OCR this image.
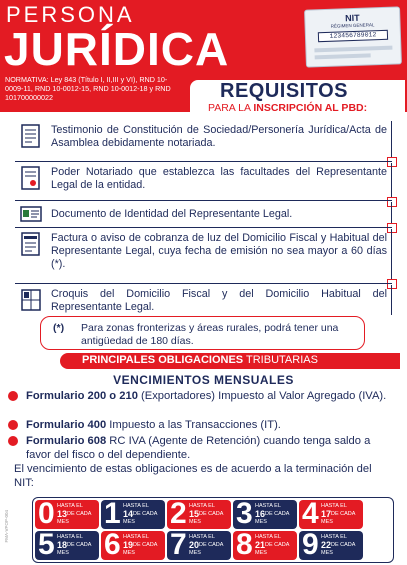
PERSONA
JURÍDICA
NORMATIVA: Ley 843 (Título I, II,III y VI), RND 10-0009-11, RND 10-0012-15, RND 10-0012-18 y RND 101700000022
NIT
RÉGIMEN GENERAL
123456789012
REQUISITOS
PARA LA INSCRIPCIÓN AL PBD:
Testimonio de Constitución de Sociedad/Personería Jurídica/Acta de Asamblea debidamente notariada.
Poder Notariado que establezca las facultades del Representante Legal de la entidad.
Documento de Identidad del Representante Legal.
Factura o aviso de cobranza de luz del Domicilio Fiscal y Habitual del Representante Legal, cuya fecha de emisión no sea mayor a 60 días (*).
Croquis del Domicilio Fiscal y del Domicilio Habitual del Representante Legal.
(*) Para zonas fronterizas y áreas rurales, podrá tener una antigüedad de 180 días.
PRINCIPALES OBLIGACIONES TRIBUTARIAS
VENCIMIENTOS MENSUALES
Formulario 200 o 210 (Exportadores) Impuesto al Valor Agregado (IVA).
Formulario 400 Impuesto a las Transacciones (IT).
Formulario 608 RC IVA (Agente de Retención) cuando tenga saldo a favor del fisco o del dependiente.
El vencimiento de estas obligaciones es de acuerdo a la terminación del NIT:
0 HASTA EL
13 DE CADA
MES 1 HASTA EL
14 DE CADA
MES 2 HASTA EL
15 DE CADA
MES 3 HASTA EL
16 DE CADA
MES 4 HASTA EL
17 DE CADA
MES
5 HASTA EL
18 DE CADA
MES 6 HASTA EL
19 DE CADA
MES 7 HASTA EL
20 DE CADA
MES 8 HASTA EL
21 DE CADA
MES 9 HASTA EL
22 DE CADA
MES
FMA-VPOP-004
